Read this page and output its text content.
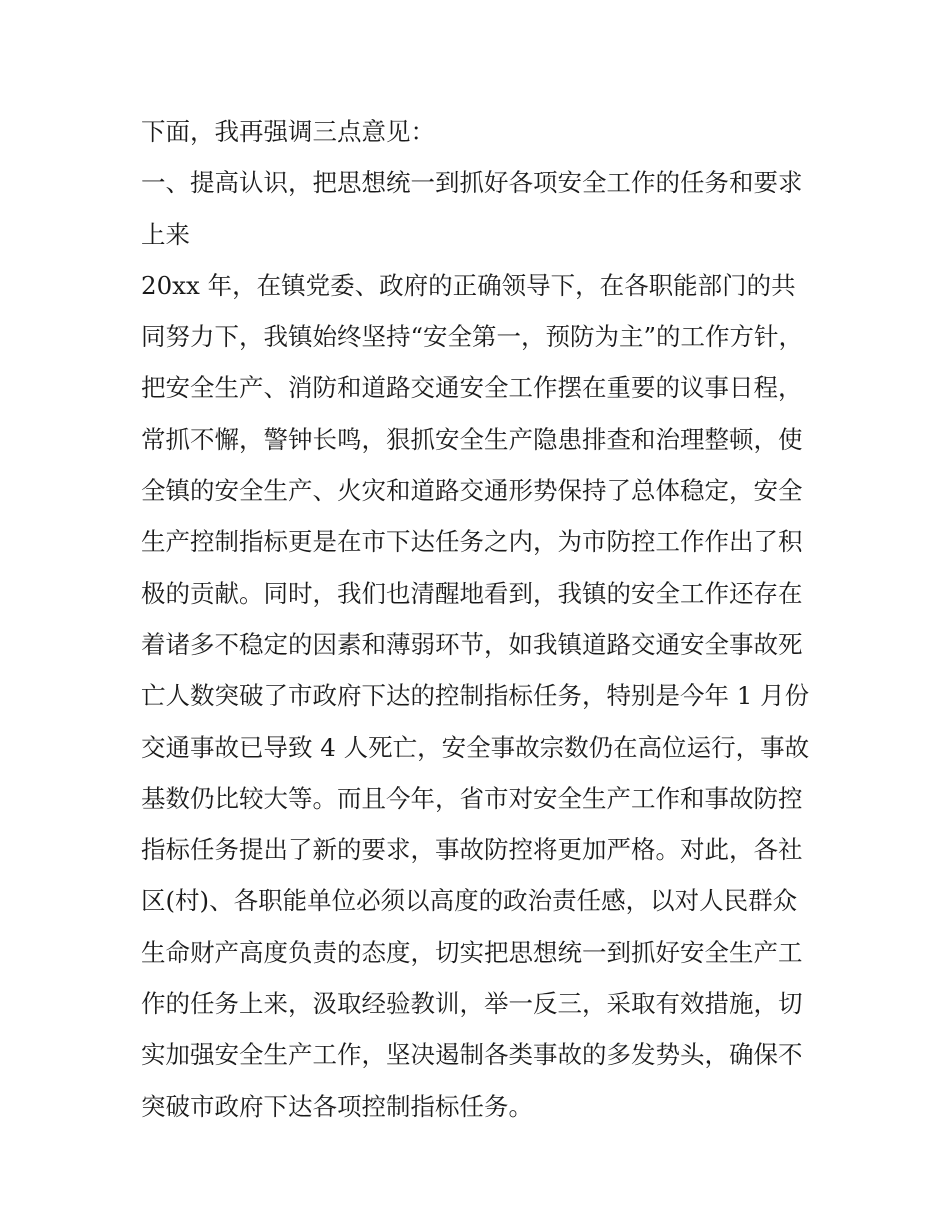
下面，我再强调三点意见：
一、提高认识，把思想统一到抓好各项安全工作的任务和要求
上来
20xx 年，在镇党委、政府的正确领导下，在各职能部门的共
同努力下，我镇始终坚持“安全第一，预防为主”的工作方针，
把安全生产、消防和道路交通安全工作摆在重要的议事日程，
常抓不懈，警钟长鸣，狠抓安全生产隐患排查和治理整顿，使
全镇的安全生产、火灾和道路交通形势保持了总体稳定，安全
生产控制指标更是在市下达任务之内，为市防控工作作出了积
极的贡献。同时，我们也清醒地看到，我镇的安全工作还存在
着诸多不稳定的因素和薄弱环节，如我镇道路交通安全事故死
亡人数突破了市政府下达的控制指标任务，特别是今年 1 月份
交通事故已导致 4 人死亡，安全事故宗数仍在高位运行，事故
基数仍比较大等。而且今年，省市对安全生产工作和事故防控
指标任务提出了新的要求，事故防控将更加严格。对此，各社
区(村)、各职能单位必须以高度的政治责任感，以对人民群众
生命财产高度负责的态度，切实把思想统一到抓好安全生产工
作的任务上来，汲取经验教训，举一反三，采取有效措施，切
实加强安全生产工作，坚决遏制各类事故的多发势头，确保不
突破市政府下达各项控制指标任务。
